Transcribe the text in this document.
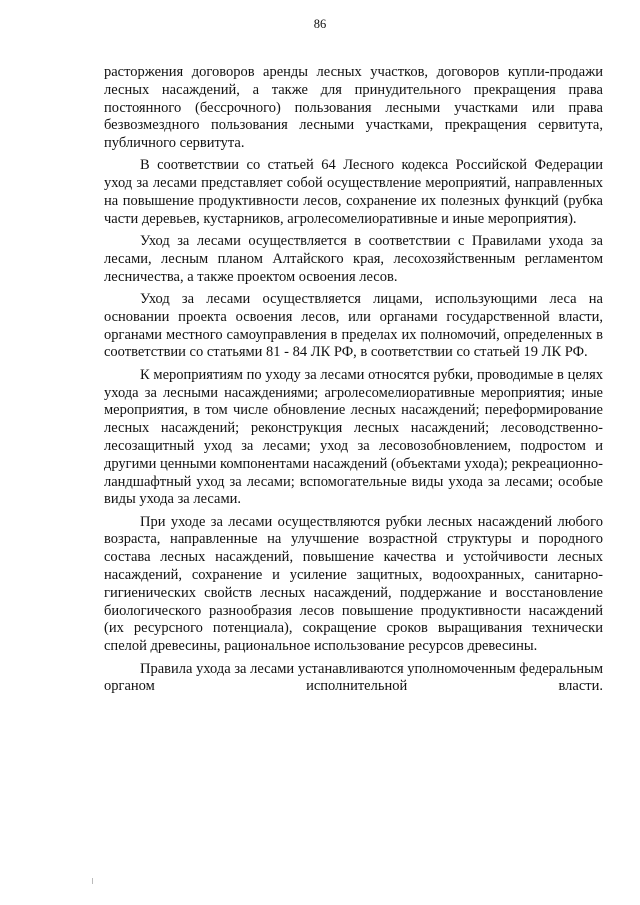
86

расторжения договоров аренды лесных участков, договоров купли-продажи лесных насаждений, а также для принудительного прекращения права постоянного (бессрочного) пользования лесными участками или права безвозмездного пользования лесными участками, прекращения сервитута, публичного сервитута.

В соответствии со статьей 64 Лесного кодекса Российской Федерации уход за лесами представляет собой осуществление мероприятий, направленных на повышение продуктивности лесов, сохранение их полезных функций (рубка части деревьев, кустарников, агролесомелиоративные и иные мероприятия).

Уход за лесами осуществляется в соответствии с Правилами ухода за лесами, лесным планом Алтайского края, лесохозяйственным регламентом лесничества, а также проектом освоения лесов.

Уход за лесами осуществляется лицами, использующими леса на основании проекта освоения лесов, или органами государственной власти, органами местного самоуправления в пределах их полномочий, определенных в соответствии со статьями 81 - 84 ЛК РФ, в соответствии со статьей 19 ЛК РФ.

К мероприятиям по уходу за лесами относятся рубки, проводимые в целях ухода за лесными насаждениями; агролесомелиоративные мероприятия; иные мероприятия, в том числе обновление лесных насаждений; переформирование лесных насаждений; реконструкция лесных насаждений; лесоводственно-лесозащитный уход за лесами; уход за лесовозобновлением, подростом и другими ценными компонентами насаждений (объектами ухода); рекреационно-ландшафтный уход за лесами; вспомогательные виды ухода за лесами; особые виды ухода за лесами.

При уходе за лесами осуществляются рубки лесных насаждений любого возраста, направленные на улучшение возрастной структуры и породного состава лесных насаждений, повышение качества и устойчивости лесных насаждений, сохранение и усиление защитных, водоохранных, санитарно-гигиенических свойств лесных насаждений, поддержание и восстановление биологического разнообразия лесов повышение продуктивности насаждений (их ресурсного потенциала), сокращение сроков выращивания технически спелой древесины, рациональное использование ресурсов древесины.

Правила ухода за лесами устанавливаются уполномоченным федеральным органом исполнительной власти.
